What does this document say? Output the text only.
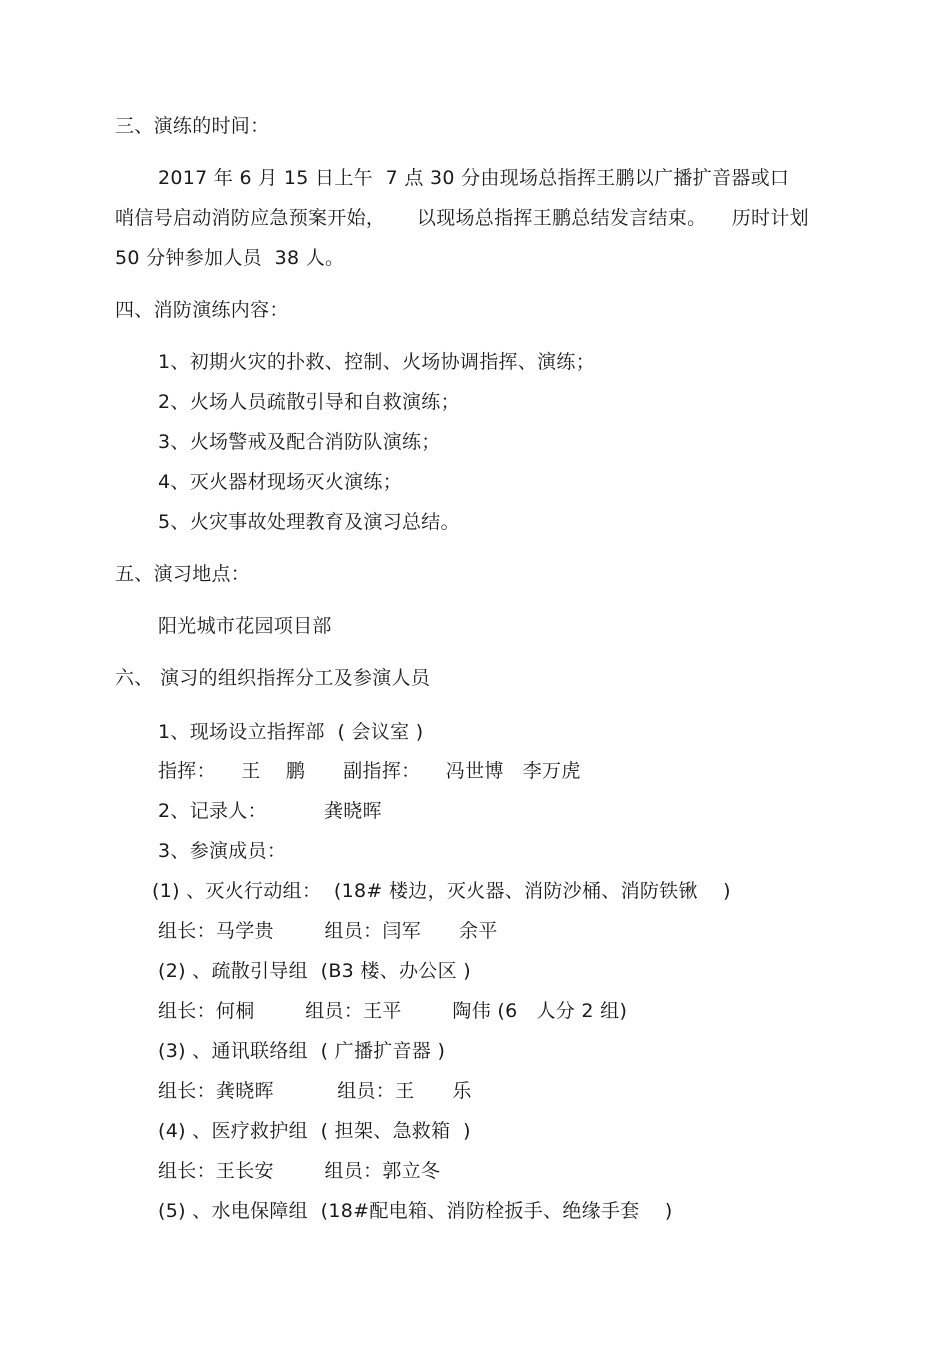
三、演练的时间：
2017 年 6 月 15 日上午  7 点 30 分由现场总指挥王鹏以广播扩音器或口
哨信号启动消防应急预案开始，     以现场总指挥王鹏总结发言结束。    历时计划
50 分钟参加人员  38 人。
四、消防演练内容：
1、初期火灾的扑救、控制、火场协调指挥、演练；
2、火场人员疏散引导和自救演练；
3、火场警戒及配合消防队演练；
4、灭火器材现场灭火演练；
5、火灾事故处理教育及演习总结。
五、演习地点：
阳光城市花园项目部
六、 演习的组织指挥分工及参演人员
1、现场设立指挥部  ( 会议室 )
指挥：    王    鹏      副指挥：    冯世博   李万虎
2、记录人：         龚晓晖
3、参演成员：
(1) 、灭火行动组：  (18# 楼边，灭火器、消防沙桶、消防铁锹    )
组长：马学贵        组员：闫军      余平
(2) 、疏散引导组  (B3 楼、办公区 )
组长：何桐        组员：王平        陶伟 (6   人分 2 组)
(3) 、通讯联络组  ( 广播扩音器 )
组长：龚晓晖          组员：王      乐
(4) 、医疗救护组  ( 担架、急救箱  )
组长：王长安        组员：郭立冬
(5) 、水电保障组  (18#配电箱、消防栓扳手、绝缘手套    )
